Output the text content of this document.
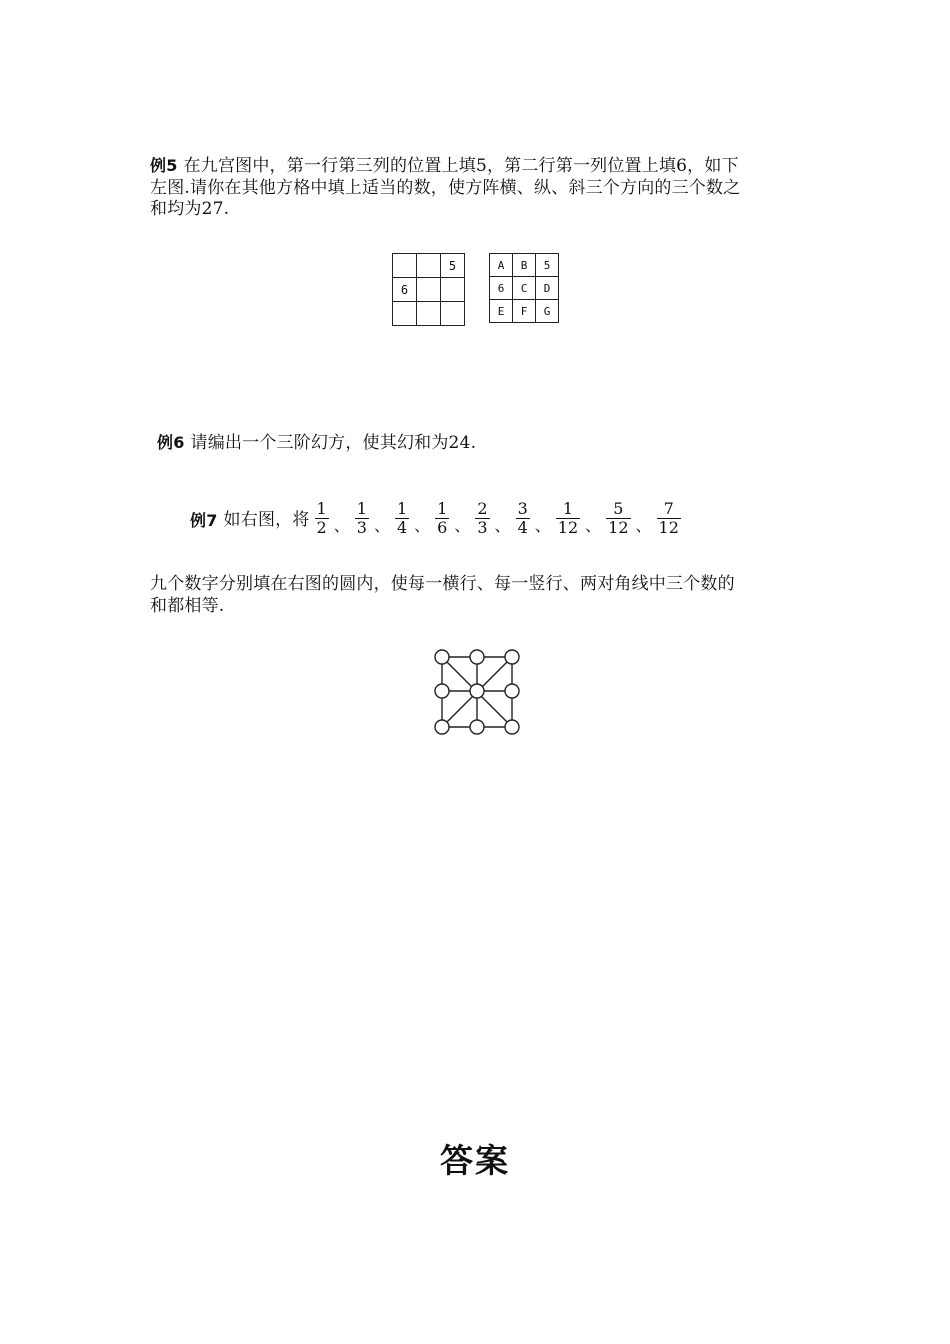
例5 在九宫图中，第一行第三列的位置上填5，第二行第一列位置上填6，如下
左图.请你在其他方格中填上适当的数，使方阵横、纵、斜三个方向的三个数之
和均为27.
		5
6		

A	B	5
6	C	D
E	F	G
例6 请编出一个三阶幻方，使其幻和为24.
例7 如右图，将 $\frac{1}{2}$ 、 $\frac{1}{3}$ 、 $\frac{1}{4}$ 、 $\frac{1}{6}$ 、 $\frac{2}{3}$ 、 $\frac{3}{4}$ 、 $\frac{1}{12}$ 、 $\frac{5}{12}$ 、 $\frac{7}{12}$
九个数字分别填在右图的圆内，使每一横行、每一竖行、两对角线中三个数的
和都相等.
答案
